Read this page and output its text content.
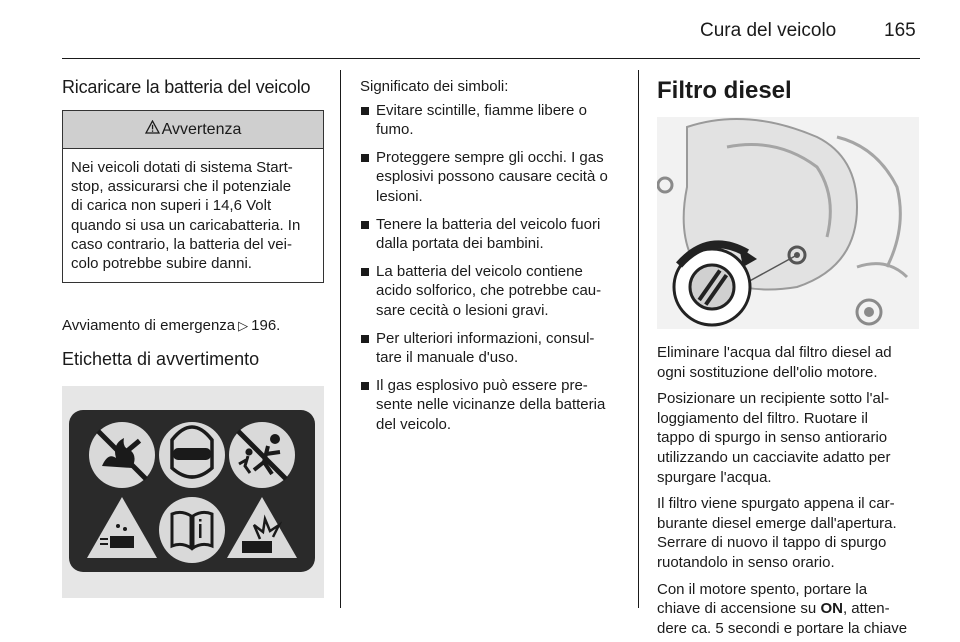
Cura del veicolo	165
Ricaricare la batteria del veicolo
Avvertenza
Nei veicoli dotati di sistema Start-
stop, assicurarsi che il potenziale
di carica non superi i 14,6 Volt
quando si usa un caricabatteria. In
caso contrario, la batteria del vei-
colo potrebbe subire danni.

Avviamento di emergenza ▷ 196.

Etichetta di avvertimento

Significato dei simboli:

Evitare scintille, fiamme libere o
fumo.
Proteggere sempre gli occhi. I gas
esplosivi possono causare cecità o
lesioni.
Tenere la batteria del veicolo fuori
dalla portata dei bambini.
La batteria del veicolo contiene
acido solforico, che potrebbe cau-
sare cecità o lesioni gravi.
Per ulteriori informazioni, consul-
tare il manuale d'uso.
Il gas esplosivo può essere pre-
sente nelle vicinanze della batteria
del veicolo.
Filtro diesel

Eliminare l'acqua dal filtro diesel ad
ogni sostituzione dell'olio motore.

Posizionare un recipiente sotto l'al-
loggiamento del filtro. Ruotare il
tappo di spurgo in senso antiorario
utilizzando un cacciavite adatto per
spurgare l'acqua.

Il filtro viene spurgato appena il car-
burante diesel emerge dall'apertura.
Serrare di nuovo il tappo di spurgo
ruotandolo in senso orario.

Con il motore spento, portare la
chiave di accensione su ON, atten-
dere ca. 5 secondi e portare la chiave
